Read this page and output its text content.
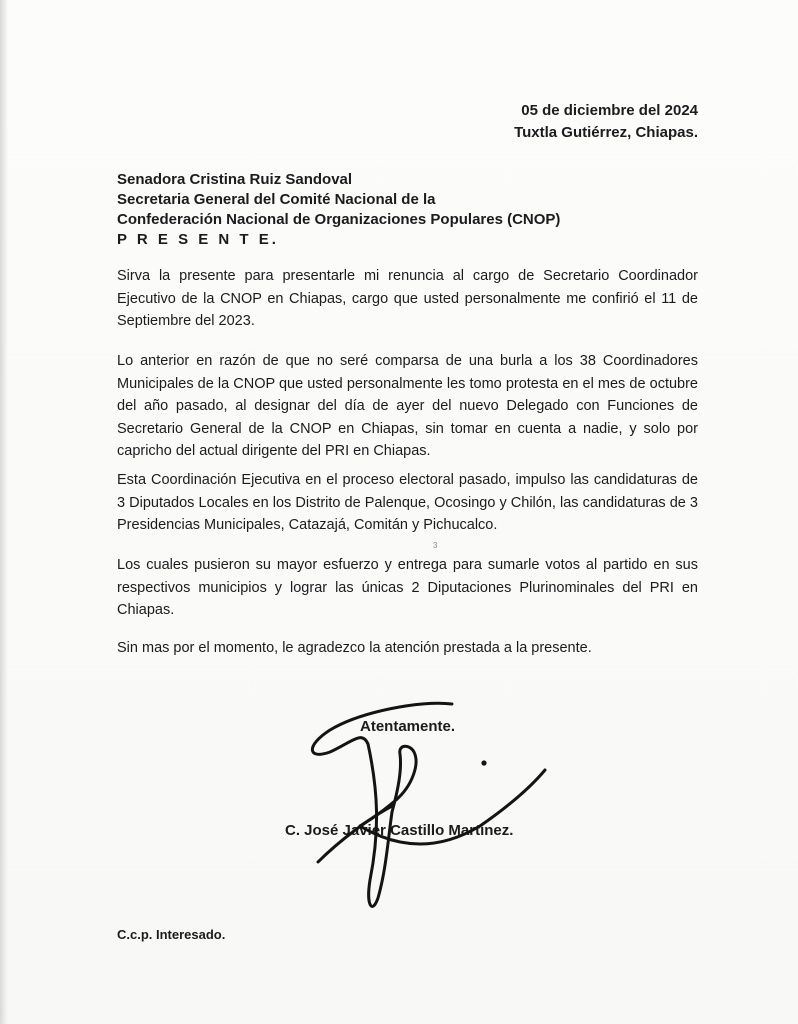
05 de diciembre del 2024
Tuxtla Gutiérrez, Chiapas.
Senadora Cristina Ruiz Sandoval
Secretaria General del Comité Nacional de la
Confederación Nacional de Organizaciones Populares (CNOP)
P R E S E N T E.
Sirva la presente para presentarle mi renuncia al cargo de Secretario Coordinador Ejecutivo de la CNOP en Chiapas, cargo que usted personalmente me confirió el 11 de Septiembre del 2023.
Lo anterior en razón de que no seré comparsa de una burla a los 38 Coordinadores Municipales de la CNOP que usted personalmente les tomo protesta en el mes de octubre del año pasado, al designar del día de ayer del nuevo Delegado con Funciones de Secretario General de la CNOP en Chiapas, sin tomar en cuenta a nadie, y solo por capricho del actual dirigente del PRI en Chiapas.
Esta Coordinación Ejecutiva en el proceso electoral pasado, impulso las candidaturas de 3 Diputados Locales en los Distrito de Palenque, Ocosingo y Chilón, las candidaturas de 3 Presidencias Municipales, Catazajá, Comitán y Pichucalco.
Los cuales pusieron su mayor esfuerzo y entrega para sumarle votos al partido en sus respectivos municipios y lograr las únicas 2 Diputaciones Plurinominales del PRI en Chiapas.
Sin mas por el momento, le agradezco la atención prestada a la presente.
3
Atentamente.
C. José Javier Castillo Martínez.
C.c.p. Interesado.
